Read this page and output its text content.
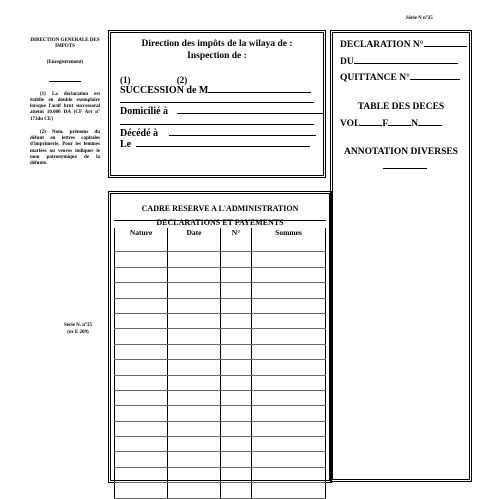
Série N n°25
DIRECTION GENERALE DES IMPOTS
(Enregistrement)
(1) La déclaration est établie en double exemplaire lorsque l'actif brut successoral atteint 10.000 DA (CF Art n° 173du CE)
(2) Nom, prénoms du défunt en lettres capitales d'imprimerie. Pour les femmes mariées ou veuves indiquer le nom patronymique de la défunte.
Série N. n°25
(ex E 209)
Direction des impôts de la wilaya de :
Inspection de :
(1)	(2)
SUCCESSION de M
Domicilié à
Décédé à
Le
DECLARATION N°
DU
QUITTANCE N°
TABLE DES DECES
VOL F N
ANNOTATION DIVERSES
CADRE RESERVE A L'ADMINISTRATION
DECLARATIONS ET PAYEMENTS
Nature	Date	N°	Sommes
